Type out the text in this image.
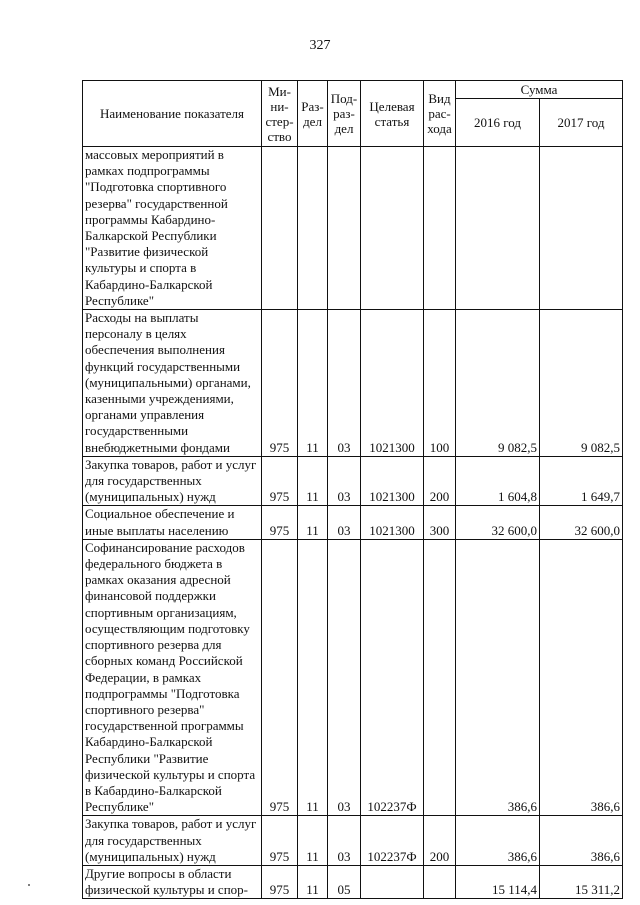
327
Наименование показателя	Ми-ни-стер-ство	Раз-дел	Под-раз-дел	Целевая статья	Вид рас-хода	Сумма	
						2016 год	2017 год
массовых мероприятий в рамках подпрограммы "Подготовка спортивного резерва" государственной программы Кабардино-Балкарской Республики "Развитие физической культуры и спорта в Кабардино-Балкарской Республике"							
Расходы на выплаты персоналу в целях обеспечения выполнения функций государственными (муниципальными) органами, казенными учреждениями, органами управления государственными внебюджетными фондами	975	11	03	1021300	100	9 082,5	9 082,5
Закупка товаров, работ и услуг для государственных (муниципальных) нужд	975	11	03	1021300	200	1 604,8	1 649,7
Социальное обеспечение и иные выплаты населению	975	11	03	1021300	300	32 600,0	32 600,0
Софинансирование расходов федерального бюджета в рамках оказания адресной финансовой поддержки спортивным организациям, осуществляющим подготовку спортивного резерва для сборных команд Российской Федерации, в рамках подпрограммы "Подготовка спортивного резерва" государственной программы Кабардино-Балкарской Республики "Развитие физической культуры и спорта в Кабардино-Балкарской Республике"	975	11	03	102237Ф		386,6	386,6
Закупка товаров, работ и услуг для государственных (муниципальных) нужд	975	11	03	102237Ф	200	386,6	386,6
Другие вопросы в области физической культуры и спор-	975	11	05			15 114,4	15 311,2
